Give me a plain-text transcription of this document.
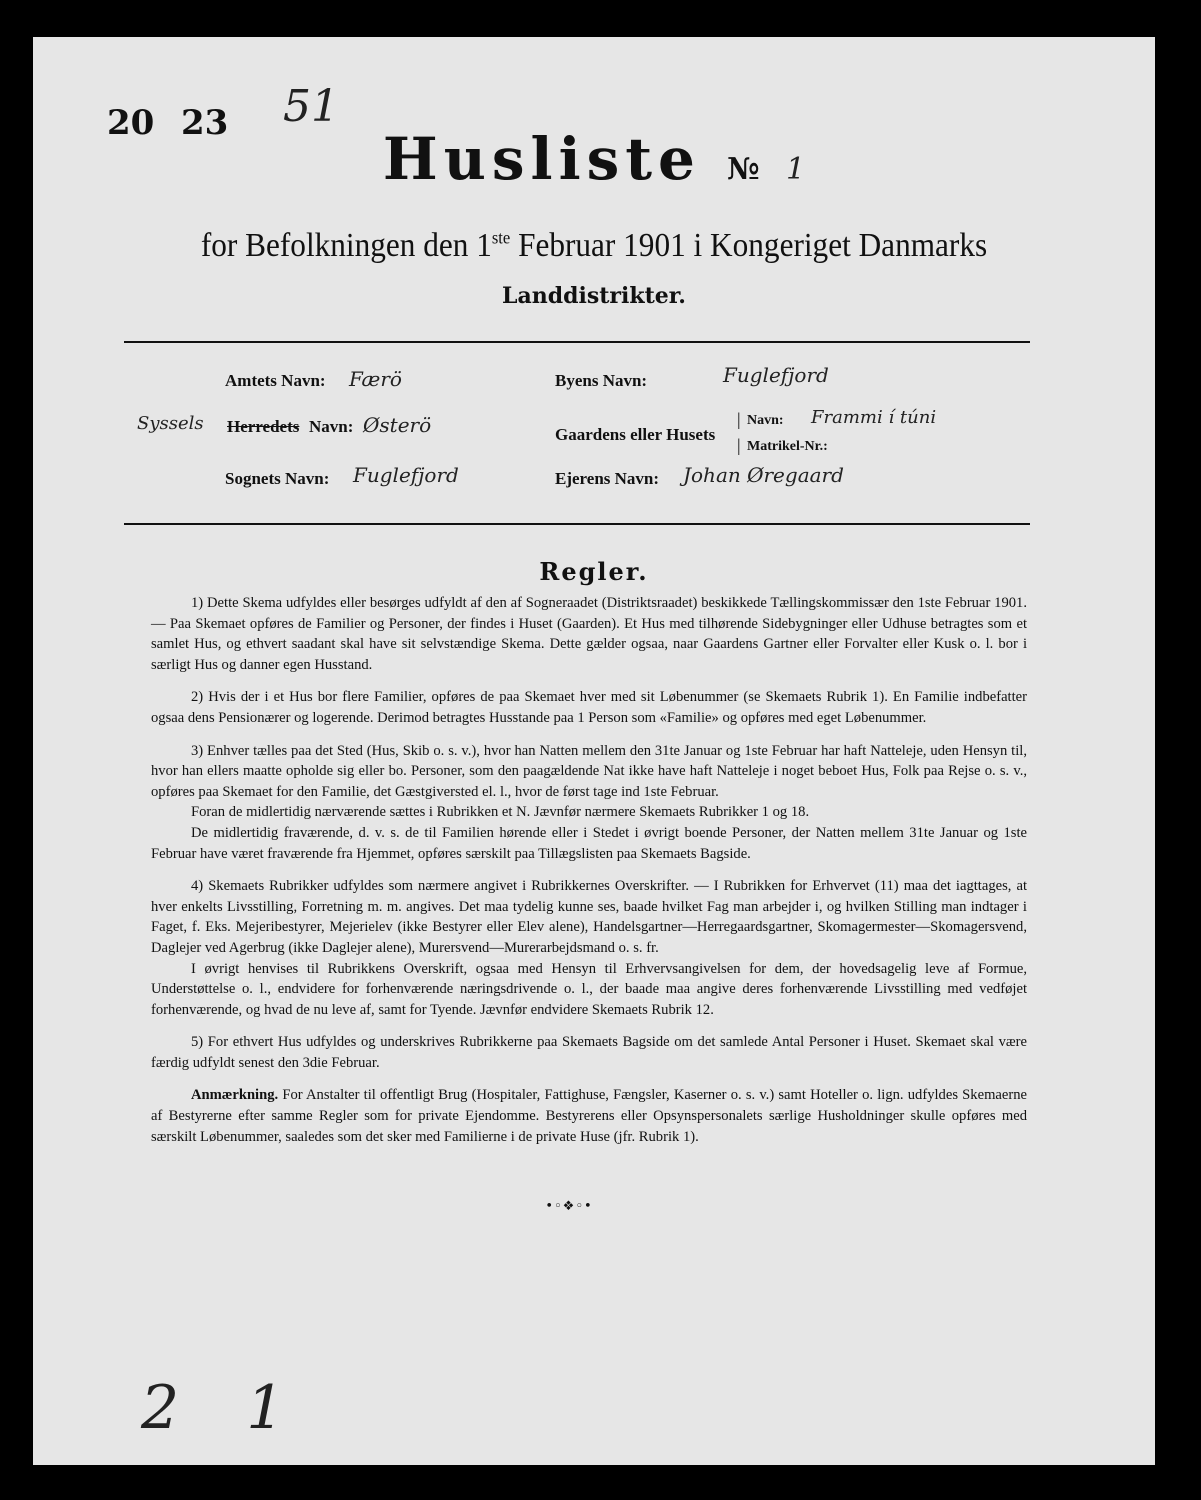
20 23 51
Husliste № 1
for Befolkningen den 1ste Februar 1901 i Kongeriget Danmarks
Landdistrikter.
Amtets Navn: Færö
Syssels Herredets Navn: Østerö
Sognets Navn: Fuglefjord
Byens Navn:	Fuglefjord
Gaardens eller Husets
|
|
Navn: Frammi í túni
Matrikel-Nr.:
Ejerens Navn: Johan Øregaard
Regler.

1) Dette Skema udfyldes eller besørges udfyldt af den af Sogneraadet (Distriktsraadet) beskikkede Tællingskommissær den 1ste Februar 1901. — Paa Skemaet opføres de Familier og Personer, der findes i Huset (Gaarden). Et Hus med tilhørende Sidebygninger eller Udhuse betragtes som et samlet Hus, og ethvert saadant skal have sit selvstændige Skema. Dette gælder ogsaa, naar Gaardens Gartner eller Forvalter eller Kusk o. l. bor i særligt Hus og danner egen Husstand.

2) Hvis der i et Hus bor flere Familier, opføres de paa Skemaet hver med sit Løbenummer (se Skemaets Rubrik 1). En Familie indbefatter ogsaa dens Pensionærer og logerende. Derimod betragtes Husstande paa 1 Person som «Familie» og opføres med eget Løbenummer.

3) Enhver tælles paa det Sted (Hus, Skib o. s. v.), hvor han Natten mellem den 31te Januar og 1ste Februar har haft Natteleje, uden Hensyn til, hvor han ellers maatte opholde sig eller bo. Personer, som den paagældende Nat ikke have haft Natteleje i noget beboet Hus, Folk paa Rejse o. s. v., opføres paa Skemaet for den Familie, det Gæstgiversted el. l., hvor de først tage ind 1ste Februar.

Foran de midlertidig nærværende sættes i Rubrikken et N. Jævnfør nærmere Skemaets Rubrikker 1 og 18.

De midlertidig fraværende, d. v. s. de til Familien hørende eller i Stedet i øvrigt boende Personer, der Natten mellem 31te Januar og 1ste Februar have været fraværende fra Hjemmet, opføres særskilt paa Tillægslisten paa Skemaets Bagside.

4) Skemaets Rubrikker udfyldes som nærmere angivet i Rubrikkernes Overskrifter. — I Rubrikken for Erhvervet (11) maa det iagttages, at hver enkelts Livsstilling, Forretning m. m. angives. Det maa tydelig kunne ses, baade hvilket Fag man arbejder i, og hvilken Stilling man indtager i Faget, f. Eks. Mejeribestyrer, Mejerielev (ikke Bestyrer eller Elev alene), Handelsgartner—Herregaardsgartner, Skomagermester—Skomagersvend, Daglejer ved Agerbrug (ikke Daglejer alene), Murersvend—Murerarbejdsmand o. s. fr.

I øvrigt henvises til Rubrikkens Overskrift, ogsaa med Hensyn til Erhvervsangivelsen for dem, der hovedsagelig leve af Formue, Understøttelse o. l., endvidere for forhenværende næringsdrivende o. l., der baade maa angive deres forhenværende Livsstilling med vedføjet forhenværende, og hvad de nu leve af, samt for Tyende. Jævnfør endvidere Skemaets Rubrik 12.

5) For ethvert Hus udfyldes og underskrives Rubrikkerne paa Skemaets Bagside om det samlede Antal Personer i Huset. Skemaet skal være færdig udfyldt senest den 3die Februar.

Anmærkning. For Anstalter til offentligt Brug (Hospitaler, Fattighuse, Fængsler, Kaserner o. s. v.) samt Hoteller o. lign. udfyldes Skemaerne af Bestyrerne efter samme Regler som for private Ejendomme. Bestyrerens eller Opsynspersonalets særlige Husholdninger skulle opføres med særskilt Løbenummer, saaledes som det sker med Familierne i de private Huse (jfr. Rubrik 1).

•◦❖◦•
2 1
